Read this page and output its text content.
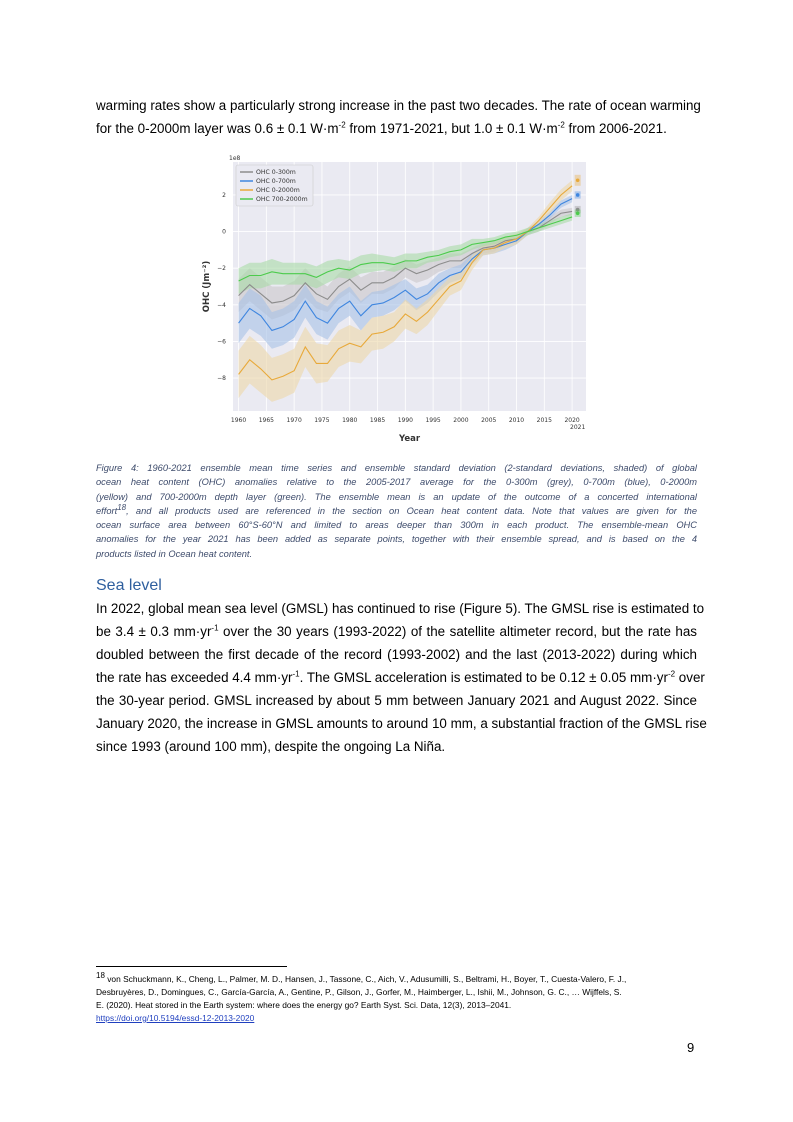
warming rates show a particularly strong increase in the past two decades. The rate of ocean warming
for the 0-2000m layer was 0.6 ± 0.1 $W\cdot m^{-2}$ from 1971-2021, but 1.0 ± 0.1 $W\cdot m^{-2}$ from 2006-2021.
2
0
−2
−4
−6
−8
1960 1965 1970 1975 1980 1985 1990 1995 2000 2005 2010 2015 2020
2021
1e8
Year
OHC (Jm⁻²)
OHC 0-300m
OHC 0-700m
OHC 0-2000m
OHC 700-2000m
Figure 4: 1960-2021 ensemble mean time series and ensemble standard deviation (2-standard deviations, shaded) of global
ocean heat content (OHC) anomalies relative to the 2005-2017 average for the 0-300m (grey), 0-700m (blue), 0-2000m
(yellow) and 700-2000m depth layer (green). The ensemble mean is an update of the outcome of a concerted international
effort$^{18}$, and all products used are referenced in the section on Ocean heat content data. Note that values are given for the
ocean surface area between 60°S-60°N and limited to areas deeper than 300m in each product. The ensemble-mean OHC
anomalies for the year 2021 has been added as separate points, together with their ensemble spread, and is based on the 4
products listed in Ocean heat content.
Sea level
In 2022, global mean sea level (GMSL) has continued to rise (Figure 5). The GMSL rise is estimated to
be 3.4 ± 0.3 $mm\cdot yr^{-1}$ over the 30 years (1993-2022) of the satellite altimeter record, but the rate has
doubled between the first decade of the record (1993-2002) and the last (2013-2022) during which
the rate has exceeded 4.4 $mm\cdot yr^{-1}$. The GMSL acceleration is estimated to be 0.12 ± 0.05 $mm\cdot yr^{-2}$ over
the 30-year period. GMSL increased by about 5 mm between January 2021 and August 2022. Since
January 2020, the increase in GMSL amounts to around 10 mm, a substantial fraction of the GMSL rise
since 1993 (around 100 mm), despite the ongoing La Niña.
$^{18}$ von Schuckmann, K., Cheng, L., Palmer, M. D., Hansen, J., Tassone, C., Aich, V., Adusumilli, S., Beltrami, H., Boyer, T., Cuesta-Valero, F. J.,
Desbruyères, D., Domingues, C., García-García, A., Gentine, P., Gilson, J., Gorfer, M., Haimberger, L., Ishii, M., Johnson, G. C., … Wijffels, S.
E. (2020). Heat stored in the Earth system: where does the energy go? Earth Syst. Sci. Data, 12(3), 2013–2041.
https://doi.org/10.5194/essd-12-2013-2020
9
